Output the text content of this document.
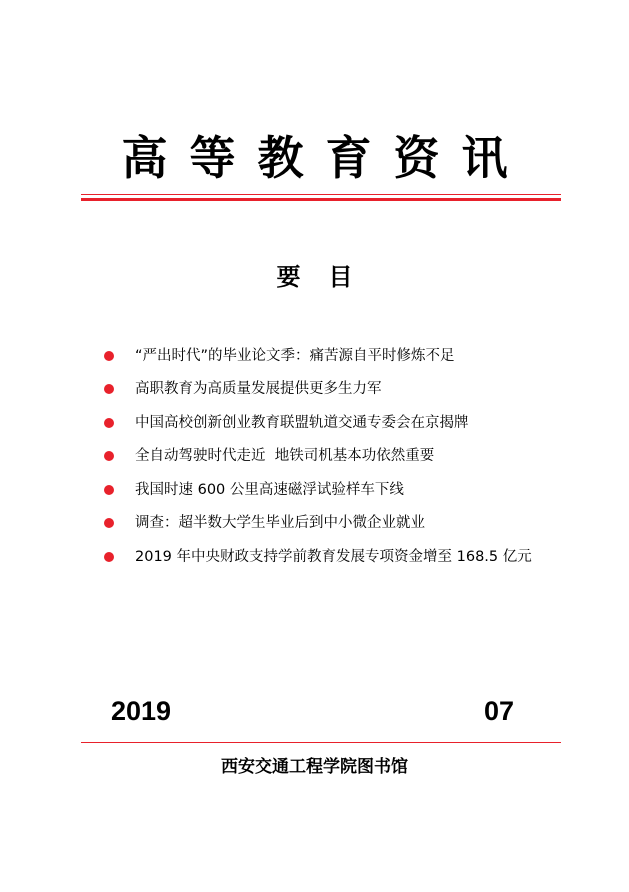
高等教育资讯
要目
“严出时代”的毕业论文季：痛苦源自平时修炼不足
高职教育为高质量发展提供更多生力军
中国高校创新创业教育联盟轨道交通专委会在京揭牌
全自动驾驶时代走近  地铁司机基本功依然重要
我国时速 600 公里高速磁浮试验样车下线
调查：超半数大学生毕业后到中小微企业就业
2019 年中央财政支持学前教育发展专项资金增至 168.5 亿元
2019	07
西安交通工程学院图书馆
